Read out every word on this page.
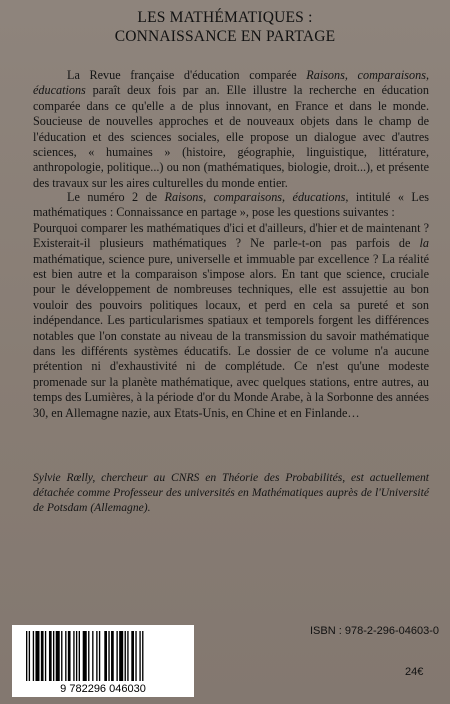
LES MATHÉMATIQUES :
CONNAISSANCE EN PARTAGE

La Revue française d'éducation comparée Raisons, comparaisons, éducations paraît deux fois par an. Elle illustre la recherche en éducation comparée dans ce qu'elle a de plus innovant, en France et dans le monde. Soucieuse de nouvelles approches et de nouveaux objets dans le champ de l'éducation et des sciences sociales, elle propose un dialogue avec d'autres sciences, « humaines » (histoire, géographie, linguistique, littérature, anthropologie, politique...) ou non (mathématiques, biologie, droit...), et présente des travaux sur les aires culturelles du monde entier.

Le numéro 2 de Raisons, comparaisons, éducations, intitulé « Les mathématiques : Connaissance en partage », pose les questions suivantes :

Pourquoi comparer les mathématiques d'ici et d'ailleurs, d'hier et de maintenant ? Existerait-il plusieurs mathématiques ? Ne parle-t-on pas parfois de la mathématique, science pure, universelle et immuable par excellence ? La réalité est bien autre et la comparaison s'impose alors. En tant que science, cruciale pour le développement de nombreuses techniques, elle est assujettie au bon vouloir des pouvoirs politiques locaux, et perd en cela sa pureté et son indépendance. Les particularismes spatiaux et temporels forgent les différences notables que l'on constate au niveau de la transmission du savoir mathématique dans les différents systèmes éducatifs. Le dossier de ce volume n'a aucune prétention ni d'exhaustivité ni de complétude. Ce n'est qu'une modeste promenade sur la planète mathématique, avec quelques stations, entre autres, au temps des Lumières, à la période d'or du Monde Arabe, à la Sorbonne des années 30, en Allemagne nazie, aux Etats-Unis, en Chine et en Finlande…

Sylvie Rœlly, chercheur au CNRS en Théorie des Probabilités, est actuellement détachée comme Professeur des universités en Mathématiques auprès de l'Université de Potsdam (Allemagne).
9 782296 046030
ISBN : 978-2-296-04603-0
24€
